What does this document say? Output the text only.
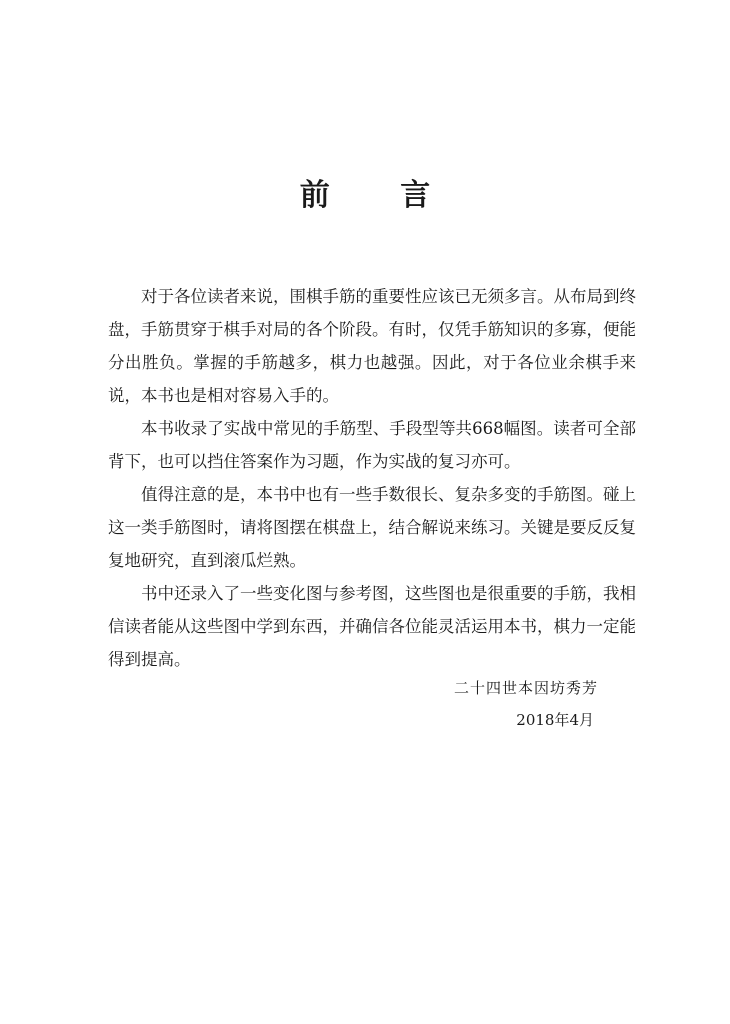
前 言

对于各位读者来说，围棋手筋的重要性应该已无须多言。从布局到终盘，手筋贯穿于棋手对局的各个阶段。有时，仅凭手筋知识的多寡，便能分出胜负。掌握的手筋越多，棋力也越强。因此，对于各位业余棋手来说，本书也是相对容易入手的。

本书收录了实战中常见的手筋型、手段型等共668幅图。读者可全部背下，也可以挡住答案作为习题，作为实战的复习亦可。

值得注意的是，本书中也有一些手数很长、复杂多变的手筋图。碰上这一类手筋图时，请将图摆在棋盘上，结合解说来练习。关键是要反反复复地研究，直到滚瓜烂熟。

书中还录入了一些变化图与参考图，这些图也是很重要的手筋，我相信读者能从这些图中学到东西，并确信各位能灵活运用本书，棋力一定能得到提高。

二十四世本因坊秀芳
2018年4月
